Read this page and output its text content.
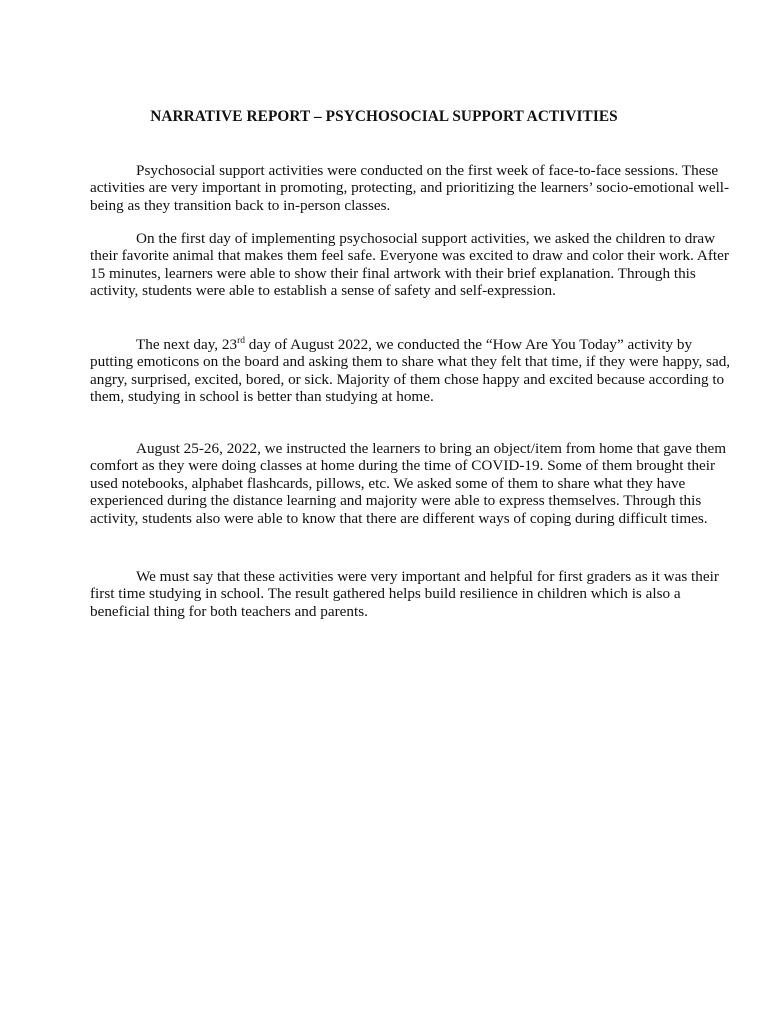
NARRATIVE REPORT – PSYCHOSOCIAL SUPPORT ACTIVITIES

Psychosocial support activities were conducted on the first week of face-to-face sessions. These activities are very important in promoting, protecting, and prioritizing the learners’ socio-emotional well-being as they transition back to in-person classes.

On the first day of implementing psychosocial support activities, we asked the children to draw their favorite animal that makes them feel safe. Everyone was excited to draw and color their work. After 15 minutes, learners were able to show their final artwork with their brief explanation. Through this activity, students were able to establish a sense of safety and self-expression.

The next day, 23rd day of August 2022, we conducted the “How Are You Today” activity by putting emoticons on the board and asking them to share what they felt that time, if they were happy, sad, angry, surprised, excited, bored, or sick. Majority of them chose happy and excited because according to them, studying in school is better than studying at home.

August 25-26, 2022, we instructed the learners to bring an object/item from home that gave them comfort as they were doing classes at home during the time of COVID-19. Some of them brought their used notebooks, alphabet flashcards, pillows, etc. We asked some of them to share what they have experienced during the distance learning and majority were able to express themselves. Through this activity, students also were able to know that there are different ways of coping during difficult times.

We must say that these activities were very important and helpful for first graders as it was their first time studying in school. The result gathered helps build resilience in children which is also a beneficial thing for both teachers and parents.
